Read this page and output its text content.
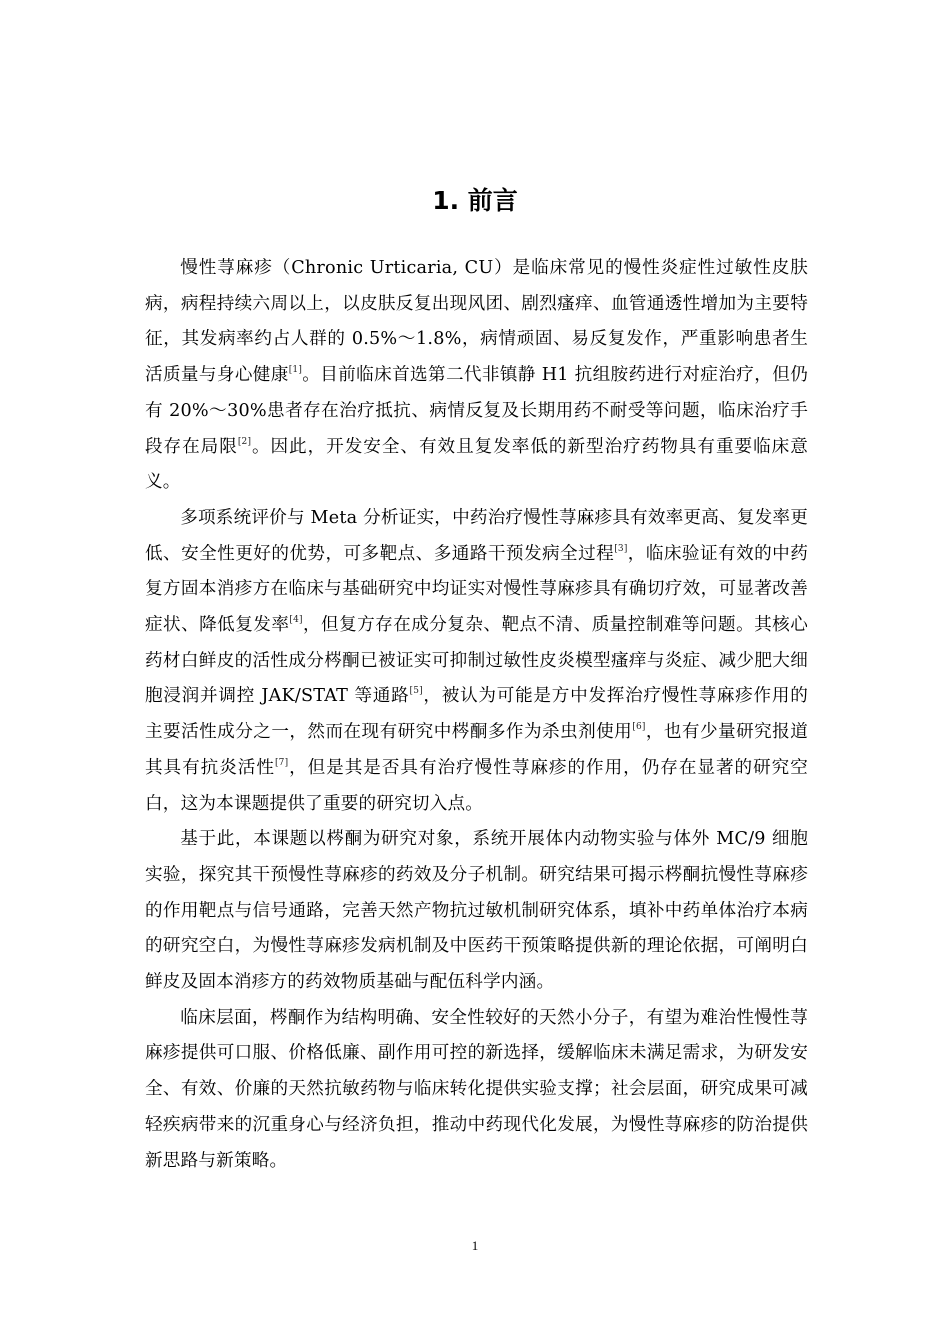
1. 前言

慢性荨麻疹（Chronic Urticaria, CU）是临床常见的慢性炎症性过敏性皮肤病，病程持续六周以上，以皮肤反复出现风团、剧烈瘙痒、血管通透性增加为主要特征，其发病率约占人群的 0.5%～1.8%，病情顽固、易反复发作，严重影响患者生活质量与身心健康[1]。目前临床首选第二代非镇静 H1 抗组胺药进行对症治疗，但仍有 20%～30%患者存在治疗抵抗、病情反复及长期用药不耐受等问题，临床治疗手段存在局限[2]。因此，开发安全、有效且复发率低的新型治疗药物具有重要临床意义。

多项系统评价与 Meta 分析证实，中药治疗慢性荨麻疹具有效率更高、复发率更低、安全性更好的优势，可多靶点、多通路干预发病全过程[3]，临床验证有效的中药复方固本消疹方在临床与基础研究中均证实对慢性荨麻疹具有确切疗效，可显著改善症状、降低复发率[4]，但复方存在成分复杂、靶点不清、质量控制难等问题。其核心药材白鲜皮的活性成分梣酮已被证实可抑制过敏性皮炎模型瘙痒与炎症、减少肥大细胞浸润并调控 JAK/STAT 等通路[5]，被认为可能是方中发挥治疗慢性荨麻疹作用的主要活性成分之一，然而在现有研究中梣酮多作为杀虫剂使用[6]，也有少量研究报道其具有抗炎活性[7]，但是其是否具有治疗慢性荨麻疹的作用，仍存在显著的研究空白，这为本课题提供了重要的研究切入点。

基于此，本课题以梣酮为研究对象，系统开展体内动物实验与体外 MC/9 细胞实验，探究其干预慢性荨麻疹的药效及分子机制。研究结果可揭示梣酮抗慢性荨麻疹的作用靶点与信号通路，完善天然产物抗过敏机制研究体系，填补中药单体治疗本病的研究空白，为慢性荨麻疹发病机制及中医药干预策略提供新的理论依据，可阐明白鲜皮及固本消疹方的药效物质基础与配伍科学内涵。

临床层面，梣酮作为结构明确、安全性较好的天然小分子，有望为难治性慢性荨麻疹提供可口服、价格低廉、副作用可控的新选择，缓解临床未满足需求，为研发安全、有效、价廉的天然抗敏药物与临床转化提供实验支撑；社会层面，研究成果可减轻疾病带来的沉重身心与经济负担，推动中药现代化发展，为慢性荨麻疹的防治提供新思路与新策略。

1
